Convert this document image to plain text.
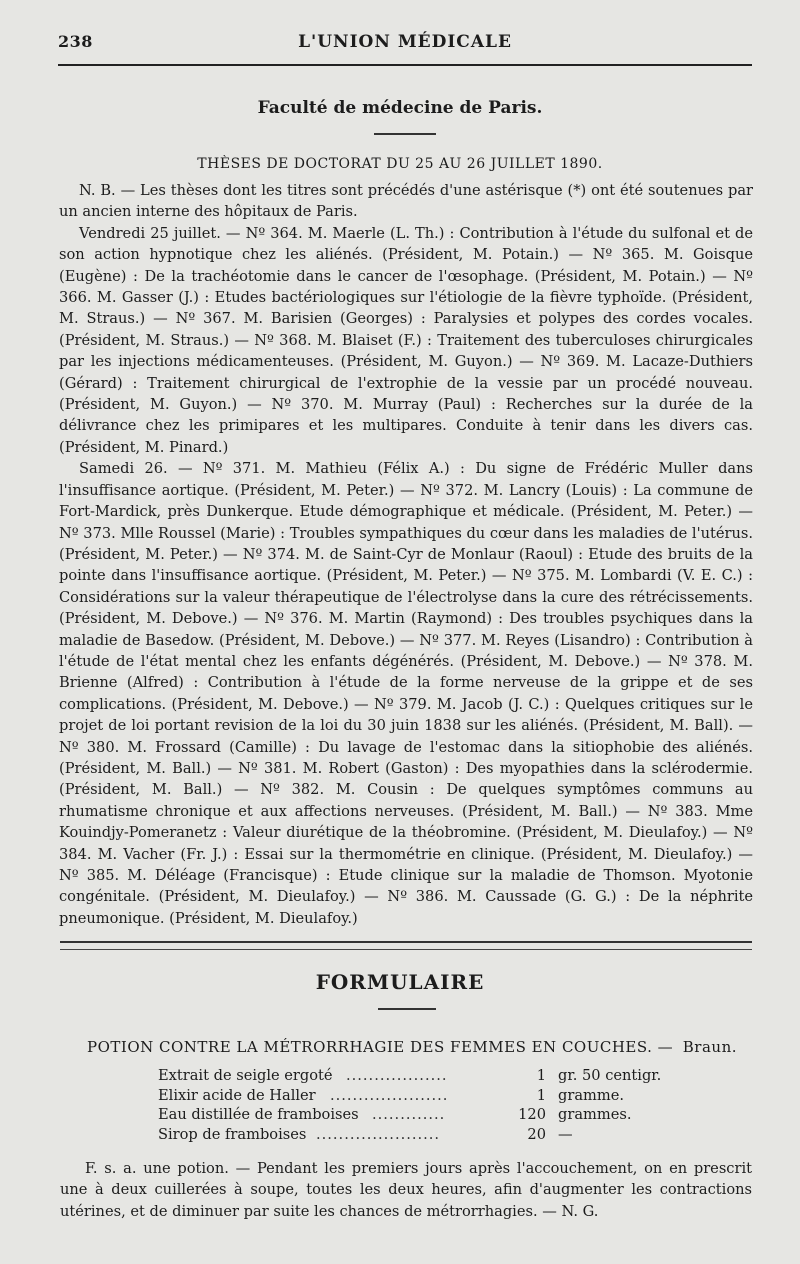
238	L'UNION MÉDICALE
Faculté de médecine de Paris.
THÈSES DE DOCTORAT DU 25 AU 26 JUILLET 1890.

N. B. — Les thèses dont les titres sont précédés d'une astérisque (*) ont été soutenues par un ancien interne des hôpitaux de Paris.

Vendredi 25 juillet. — Nº 364. M. Maerle (L. Th.) : Contribution à l'étude du sulfonal et de son action hypnotique chez les aliénés. (Président, M. Potain.) — Nº 365. M. Goisque (Eugène) : De la trachéotomie dans le cancer de l'œsophage. (Président, M. Potain.) — Nº 366. M. Gasser (J.) : Etudes bactériologiques sur l'étiologie de la fièvre typhoïde. (Président, M. Straus.) — Nº 367. M. Barisien (Georges) : Paralysies et polypes des cordes vocales. (Président, M. Straus.) — Nº 368. M. Blaiset (F.) : Traitement des tuberculoses chirurgicales par les injections médicamenteuses. (Président, M. Guyon.) — Nº 369. M. Lacaze-Duthiers (Gérard) : Traitement chirurgical de l'extrophie de la vessie par un procédé nouveau. (Président, M. Guyon.) — Nº 370. M. Murray (Paul) : Recherches sur la durée de la délivrance chez les primipares et les multipares. Conduite à tenir dans les divers cas. (Président, M. Pinard.)

Samedi 26. — Nº 371. M. Mathieu (Félix A.) : Du signe de Frédéric Muller dans l'insuffisance aortique. (Président, M. Peter.) — Nº 372. M. Lancry (Louis) : La commune de Fort-Mardick, près Dunkerque. Etude démographique et médicale. (Président, M. Peter.) — Nº 373. Mlle Roussel (Marie) : Troubles sympathiques du cœur dans les maladies de l'utérus. (Président, M. Peter.) — Nº 374. M. de Saint-Cyr de Monlaur (Raoul) : Etude des bruits de la pointe dans l'insuffisance aortique. (Président, M. Peter.) — Nº 375. M. Lombardi (V. E. C.) : Considérations sur la valeur thérapeutique de l'électrolyse dans la cure des rétrécissements. (Président, M. Debove.) — Nº 376. M. Martin (Raymond) : Des troubles psychiques dans la maladie de Basedow. (Président, M. Debove.) — Nº 377. M. Reyes (Lisandro) : Contribution à l'étude de l'état mental chez les enfants dégénérés. (Président, M. Debove.) — Nº 378. M. Brienne (Alfred) : Contribution à l'étude de la forme nerveuse de la grippe et de ses complications. (Président, M. Debove.) — Nº 379. M. Jacob (J. C.) : Quelques critiques sur le projet de loi portant revision de la loi du 30 juin 1838 sur les aliénés. (Président, M. Ball). — Nº 380. M. Frossard (Camille) : Du lavage de l'estomac dans la sitiophobie des aliénés. (Président, M. Ball.) — Nº 381. M. Robert (Gaston) : Des myopathies dans la sclérodermie. (Président, M. Ball.) — Nº 382. M. Cousin : De quelques symptômes communs au rhumatisme chronique et aux affections nerveuses. (Président, M. Ball.) — Nº 383. Mme Kouindjy-Pomeranetz : Valeur diurétique de la théobromine. (Président, M. Dieulafoy.) — Nº 384. M. Vacher (Fr. J.) : Essai sur la thermométrie en clinique. (Président, M. Dieulafoy.) — Nº 385. M. Déléage (Francisque) : Etude clinique sur la maladie de Thomson. Myotonie congénitale. (Président, M. Dieulafoy.) — Nº 386. M. Caussade (G. G.) : De la néphrite pneumonique. (Président, M. Dieulafoy.)

FORMULAIRE
POTION CONTRE LA MÉTRORRHAGIE DES FEMMES EN COUCHES. — Braun.
Extrait de seigle ergoté ..................	1 gr. 50 centigr.
Elixir acide de Haller .....................	1 gramme.
Eau distillée de framboises .............	120 grammes.
Sirop de framboises ......................	20 —

F. s. a. une potion. — Pendant les premiers jours après l'accouchement, on en prescrit une à deux cuillerées à soupe, toutes les deux heures, afin d'augmenter les contractions utérines, et de diminuer par suite les chances de métrorrhagies. — N. G.
